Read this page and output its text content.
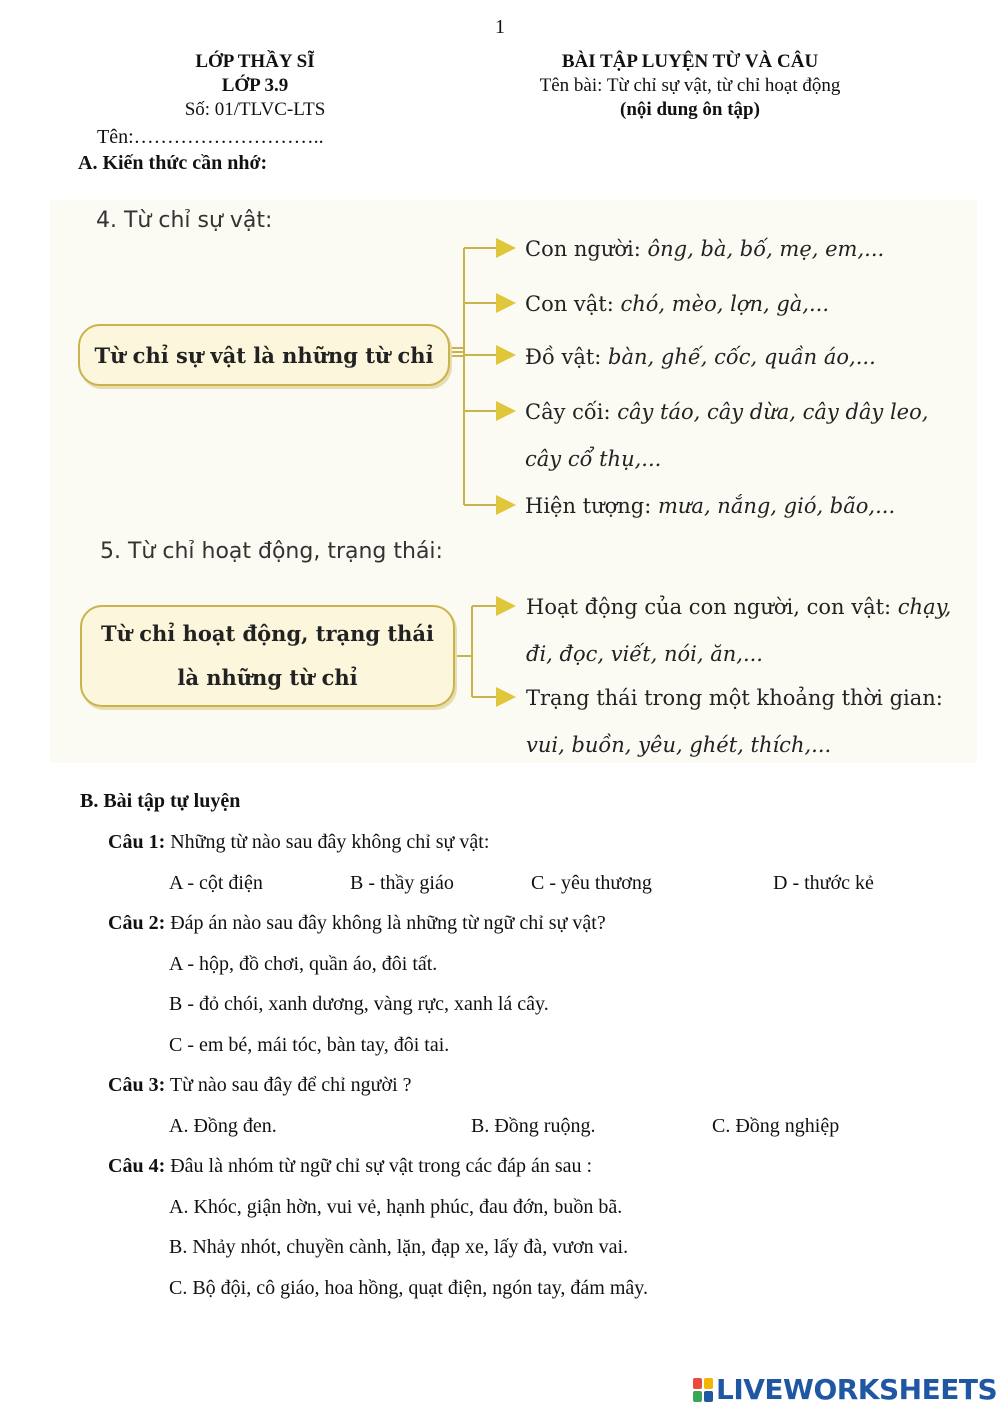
1
LỚP THẦY SĨ
LỚP 3.9
Số: 01/TLVC-LTS
BÀI TẬP LUYỆN TỪ VÀ CÂU
Tên bài: Từ chỉ sự vật, từ chỉ hoạt động
(nội dung ôn tập)
Tên:………………………..
A. Kiến thức cần nhớ:
4. Từ chỉ sự vật:
Từ chỉ sự vật là những từ chỉ
Con người: ông, bà, bố, mẹ, em,...
Con vật: chó, mèo, lợn, gà,...
Đồ vật: bàn, ghế, cốc, quần áo,...
Cây cối: cây táo, cây dừa, cây dây leo,
cây cổ thụ,...
Hiện tượng: mưa, nắng, gió, bão,...
5. Từ chỉ hoạt động, trạng thái:
Từ chỉ hoạt động, trạng thái
là những từ chỉ
Hoạt động của con người, con vật: chạy,
đi, đọc, viết, nói, ăn,...
Trạng thái trong một khoảng thời gian:
vui, buồn, yêu, ghét, thích,...
B. Bài tập tự luyện
Câu 1: Những từ nào sau đây không chỉ sự vật:
A - cột điện	B - thầy giáo	C - yêu thương	D - thước kẻ
Câu 2: Đáp án nào sau đây không là những từ ngữ chỉ sự vật?
A - hộp, đồ chơi, quần áo, đôi tất.
B - đỏ chói, xanh dương, vàng rực, xanh lá cây.
C - em bé, mái tóc, bàn tay, đôi tai.
Câu 3: Từ nào sau đây để chỉ người ?
A. Đồng đen.	B. Đồng ruộng.	C. Đồng nghiệp
Câu 4: Đâu là nhóm từ ngữ chỉ sự vật trong các đáp án sau :
A. Khóc, giận hờn, vui vẻ, hạnh phúc, đau đớn, buồn bã.
B. Nhảy nhót, chuyền cành, lặn, đạp xe, lấy đà, vươn vai.
C. Bộ đội, cô giáo, hoa hồng, quạt điện, ngón tay, đám mây.
LIVEWORKSHEETS
